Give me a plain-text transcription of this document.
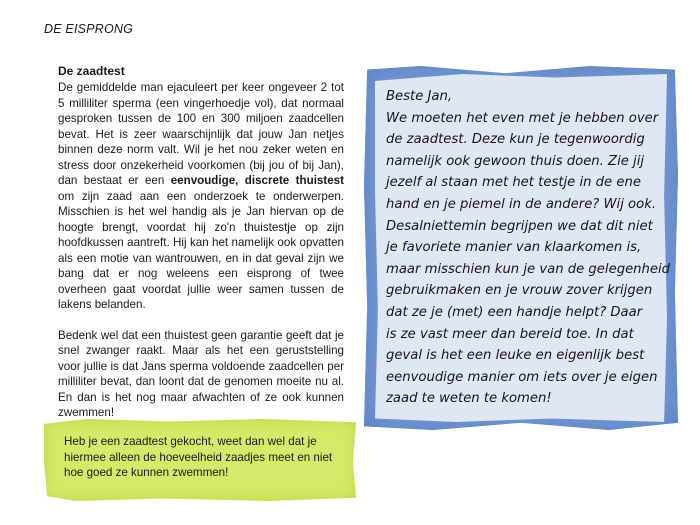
DE EISPRONG
De zaadtest

De gemiddelde man ejaculeert per keer ongeveer 2 tot 5 milliliter sperma (een vingerhoedje vol), dat normaal gesproken tussen de 100 en 300 miljoen zaadcellen bevat. Het is zeer waarschijnlijk dat jouw Jan netjes binnen deze norm valt. Wil je het nou zeker weten en stress door onzekerheid voorkomen (bij jou of bij Jan), dan bestaat er een eenvoudige, discrete thuistest om zijn zaad aan een onderzoek te onderwerpen. Misschien is het wel handig als je Jan hiervan op de hoogte brengt, voordat hij zo'n thuistestje op zijn hoofdkussen aantreft. Hij kan het namelijk ook opvatten als een motie van wantrouwen, en in dat geval zijn we bang dat er nog weleens een eisprong of twee overheen gaat voordat jullie weer samen tussen de lakens belanden.

Bedenk wel dat een thuistest geen garantie geeft dat je snel zwanger raakt. Maar als het een geruststelling voor jullie is dat Jans sperma voldoende zaadcellen per milliliter bevat, dan loont dat de genomen moeite nu al. En dan is het nog maar afwachten of ze ook kunnen zwemmen!

Heb je een zaadtest gekocht, weet dan wel dat je hiermee alleen de hoeveelheid zaadjes meet en niet hoe goed ze kunnen zwemmen!
Beste Jan,
We moeten het even met je hebben over
de zaadtest. Deze kun je tegenwoordig
namelijk ook gewoon thuis doen. Zie jij
jezelf al staan met het testje in de ene
hand en je piemel in de andere? Wij ook.
Desalniettemin begrijpen we dat dit niet
je favoriete manier van klaarkomen is,
maar misschien kun je van de gelegenheid
gebruikmaken en je vrouw zover krijgen
dat ze je (met) een handje helpt? Daar
is ze vast meer dan bereid toe. In dat
geval is het een leuke en eigenlijk best
eenvoudige manier om iets over je eigen
zaad te weten te komen!
